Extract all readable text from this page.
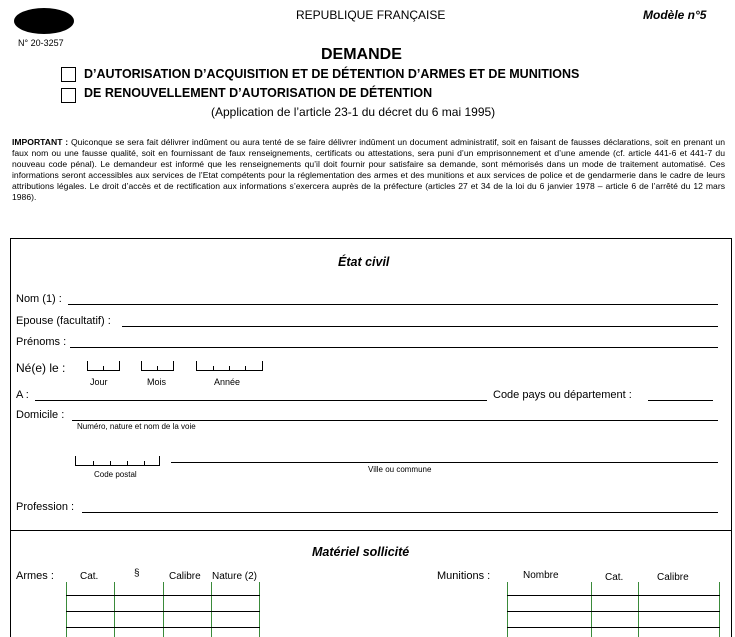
N° 20-3257
REPUBLIQUE FRANÇAISE	Modèle n°5
DEMANDE
D’AUTORISATION D’ACQUISITION ET DE DÉTENTION D’ARMES ET DE MUNITIONS
DE RENOUVELLEMENT D’AUTORISATION DE DÉTENTION
(Application de l’article 23-1 du décret du 6 mai 1995)
IMPORTANT : Quiconque se sera fait délivrer indûment ou aura tenté de se faire délivrer indûment un document administratif, soit en faisant de fausses déclarations, soit en prenant un faux nom ou une fausse qualité, soit en fournissant de faux renseignements, certificats ou attestations, sera puni d’un emprisonnement et d’une amende (cf. article 441-6 et 441-7 du nouveau code pénal). Le demandeur est informé que les renseignements qu’il doit fournir pour satisfaire sa demande, sont mémorisés dans un mode de traitement automatisé. Ces informations seront accessibles aux services de l’Etat compétents pour la réglementation des armes et des munitions et aux services de police et de gendarmerie dans le cadre de leurs attributions légales. Le droit d’accès et de rectification aux informations s’exercera auprès de la préfecture (articles 27 et 34 de la loi du 6 janvier 1978 – article 6 de l’arrêté du 12 mars 1986).
État civil
Nom (1) :
Epouse (facultatif) :
Prénoms :
Né(e) le :
Jour	Mois	Année
A :	Code pays ou département :
Domicile :
Numéro, nature et nom de la voie
Code postal
Ville ou commune
Profession :
Matériel sollicité
Armes :	Cat.	§	Calibre Nature (2)	Munitions :	Nombre	Cat.	Calibre
